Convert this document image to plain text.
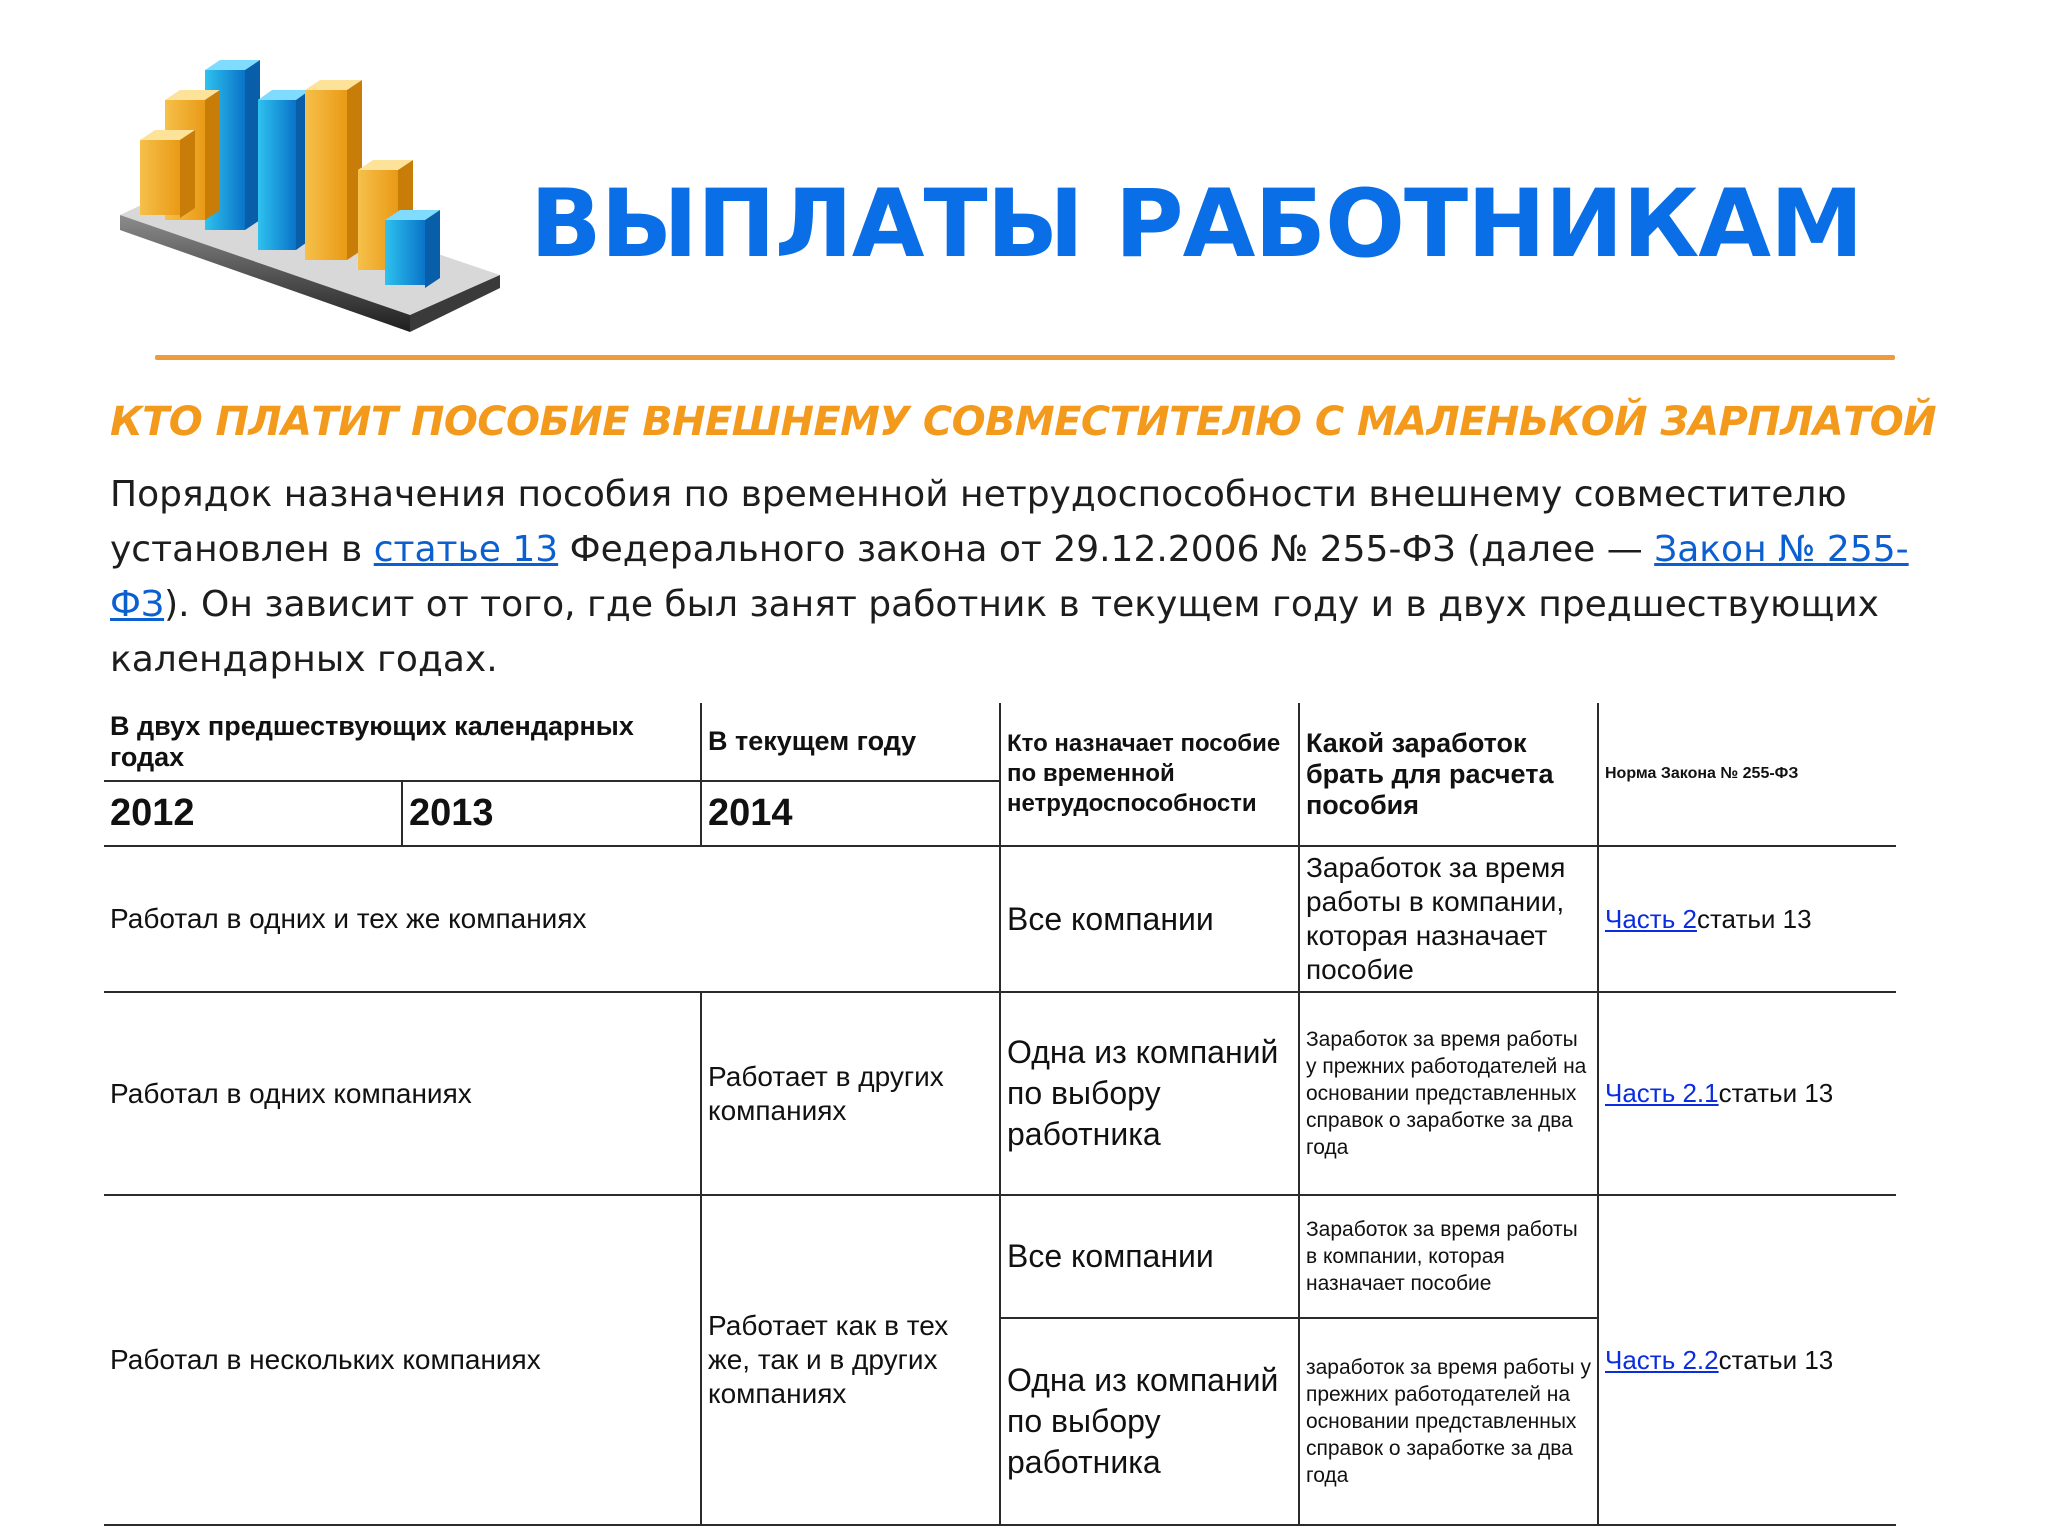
ВЫПЛАТЫ РАБОТНИКАМ
КТО ПЛАТИТ ПОСОБИЕ ВНЕШНЕМУ СОВМЕСТИТЕЛЮ С МАЛЕНЬКОЙ ЗАРПЛАТОЙ

Порядок назначения пособия по временной нетрудоспособности внешнему совместителю установлен в статье 13 Федерального закона от 29.12.2006 № 255-ФЗ (далее — Закон № 255-ФЗ). Он зависит от того, где был занят работник в текущем году и в двух предшествующих календарных годах.

В двух предшествующих календарных годах		В текущем году	Кто назначает пособие по временной нетрудоспособности	Какой заработок брать для расчета пособия	Норма Закона № 255-ФЗ
2012	2013	2014			
Работал в одних и тех же компаниях			Все компании	Заработок за время работы в компании, которая назначает пособие	Часть 2статьи 13
Работал в одних компаниях		Работает в других компаниях	Одна из компаний по выбору работника	Заработок за время работы у прежних работодателей на основании представленных справок о заработке за два года	Часть 2.1статьи 13
Работал в нескольких компаниях		Работает как в тех же, так и в других компаниях	Все компании	Заработок за время работы в компании, которая назначает пособие	Часть 2.2статьи 13
			Одна из компаний по выбору работника	заработок за время работы у прежних работодателей на основании представленных справок о заработке за два года	
